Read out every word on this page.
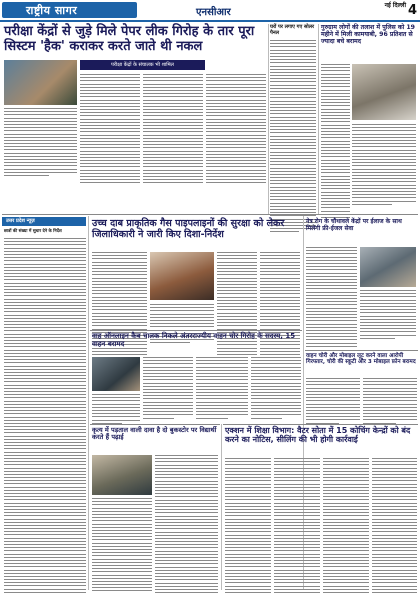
राष्ट्रीय सागर	एनसीआर
नई दिल्ली 4
परीक्षा केंद्रों से जुड़े मिले पेपर लीक गिरोह के तार पूरा सिस्टम 'हैक' कराकर करते जाते थी नकल
परीक्षा केंद्रों के संचालक भी शामिल
घरों पर लगाए गए सोलर पैनल
गुरुग्राम लोगों की तलाश में पुलिस को 19 महीने में मिली कामयाबी, 96 प्रतिशत से ज्यादा बचे बरामद
उत्तर प्रदेश न्यूज़
छात्रों की संख्या में सुधार देने के निर्देश
उच्च दाब प्राकृतिक गैस पाइपलाइनों की सुरक्षा को लेकर जिलाधिकारी ने जारी किए दिशा-निर्देश
नेत्र रोग के चौथावले केंद्रों पर ईलाज के साथ मिलेगी फ्री-ईजल सेवा
वाह ऑनलाइन कैब चालक निकले अंतरराज्यीय वाहन चोर गिरोह के सदस्य, 15 वाहन बरामद
वाहन चोरी और मोबाइल लूट करने वाला आरोपी गिरफ्तार, चोरी की स्कूटी और 3 मोबाइल फ़ोन बरामद
कृत्य में पड़ताल वाली दावा है दो बुकस्टोर पर विद्यार्थी करते हैं पढ़ाई
एक्शन में शिक्षा विभाग: वैटर सोता में 15 कोचिंग केन्द्रों को बंद करने का नोटिस, सीलिंग की भी होगी कार्रवाई
